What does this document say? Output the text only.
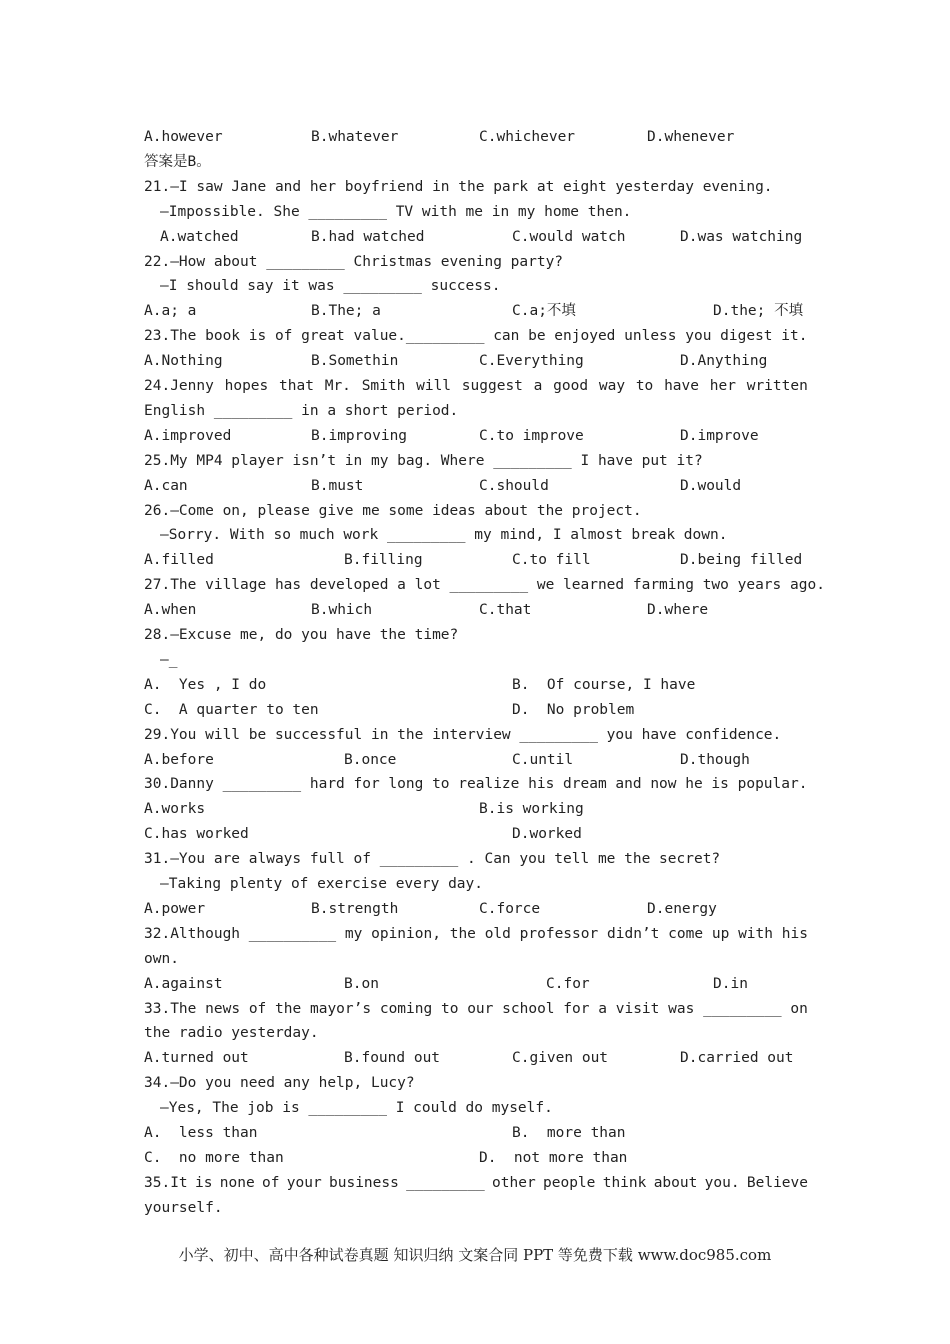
A.however	B.whatever	C.whichever	D.whenever
答案是B。
21.—I saw Jane and her boyfriend in the park at eight yesterday evening.
—Impossible. She _________ TV with me in my home then.
A.watched	B.had watched	C.would watch	D.was watching
22.—How about _________ Christmas evening party?
—I should say it was _________ success.
A.a; a	B.The; a	C.a;不填	D.the; 不填
23.The book is of great value._________ can be enjoyed unless you digest it.
A.Nothing	B.Somethin	C.Everything	D.Anything
24.Jenny hopes that Mr. Smith will suggest a good way to have her written
English _________ in a short period.
A.improved	B.improving	C.to improve	D.improve
25.My MP4 player isn’t in my bag. Where _________ I have put it?
A.can	B.must	C.should	D.would
26.—Come on, please give me some ideas about the project.
—Sorry. With so much work _________ my mind, I almost break down.
A.filled	B.filling	C.to fill	D.being filled
27.The village has developed a lot _________ we learned farming two years ago.
A.when	B.which	C.that	D.where
28.—Excuse me, do you have the time?
—_
A.  Yes , I do	B.  Of course, I have
C.  A quarter to ten	D.  No problem
29.You will be successful in the interview _________ you have confidence.
A.before	B.once	C.until	D.though
30.Danny _________ hard for long to realize his dream and now he is popular.
A.works	B.is working
C.has worked	D.worked
31.—You are always full of _________ . Can you tell me the secret?
—Taking plenty of exercise every day.
A.power	B.strength	C.force	D.energy
32.Although __________ my opinion, the old professor didn’t come up with his
own.
A.against	B.on	C.for	D.in
33.The news of the mayor’s coming to our school for a visit was _________ on
the radio yesterday.
A.turned out	B.found out	C.given out	D.carried out
34.—Do you need any help, Lucy?
—Yes, The job is _________ I could do myself.
A.  less than	B.  more than
C.  no more than	D.  not more than
35.It is none of your business _________ other people think about you. Believe
yourself.
小学、初中、高中各种试卷真题 知识归纳 文案合同 PPT 等免费下载 www.doc985.com
